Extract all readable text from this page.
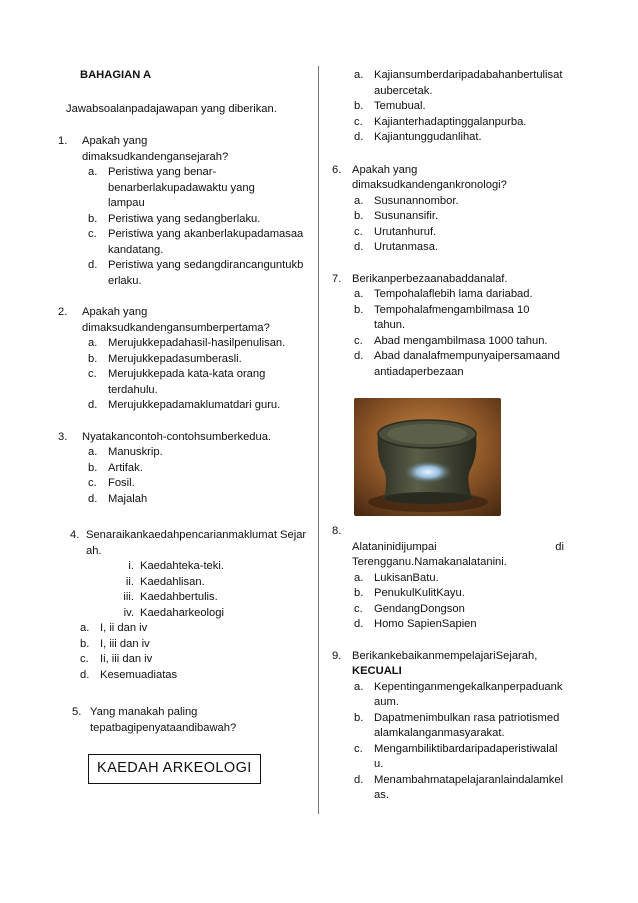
BAHAGIAN A
Jawabsoalanpadajawapan yang diberikan.
1.	Apakah yang dimaksudkandengansejarah?
a. Peristiwa yang benar-benarberlakupadawaktu yang lampau
b. Peristiwa yang sedangberlaku.
c.	Peristiwa yang akanberlakupadamasaakandatang.
d. Peristiwa yang sedangdirancanguntukberlaku.
2.	Apakah yang dimaksudkandengansumberpertama?
a. Merujukkepadahasil-hasilpenulisan.
b. Merujukkepadasumberasli.
c.	Merujukkepada kata-kata orang terdahulu.
d. Merujukkepadamaklumatdari guru.
3.	Nyatakancontoh-contohsumberkedua.
a. Manuskrip.
b. Artifak.
c.	Fosil.
d. Majalah
4. Senaraikankaedahpencarianmaklumat Sejarah.
i. Kaedahteka-teki.
ii. Kaedahlisan.
iii. Kaedahbertulis.
iv. Kaedaharkeologi
a. I, ii dan iv
b. I, iii dan iv
c.	Ii, iii dan iv
d. Kesemuadiatas
5. Yang manakah paling tepatbagipenyataandibawah?
KAEDAH ARKEOLOGI
a. Kajiansumberdaripadabahanbertulisataubercetak.
b. Temubual.
c.	Kajianterhadaptinggalanpurba.
d. Kajiantunggudanlihat.
6. Apakah yang dimaksudkandengankronologi?
a. Susunannombor.
b. Susunansifir.
c.	Urutanhuruf.
d. Urutanmasa.
7. Berikanperbezaanabaddanalaf.
a. Tempohalaflebih lama dariabad.
b. Tempohalafmengambilmasa 10 tahun.
c.	Abad mengambilmasa 1000 tahun.
d. Abad danalafmempunyaipersamaandantiadaperbezaan
8.
Alataninidijumpai	di
Terengganu.Namakanalatanini.
a. LukisanBatu.
b. PenukulKulitKayu.
c.	GendangDongson
d. Homo SapienSapien
9. BerikankebaikanmempelajariSejarah,
KECUALI
a. Kepentinganmengekalkanperpaduankaum.
b. Dapatmenimbulkan rasa patriotismedalamkalanganmasyarakat.
c.	Mengambiliktibardaripadaperistiwalalu.
d. Menambahmatapelajaranlaindalamkelas.
